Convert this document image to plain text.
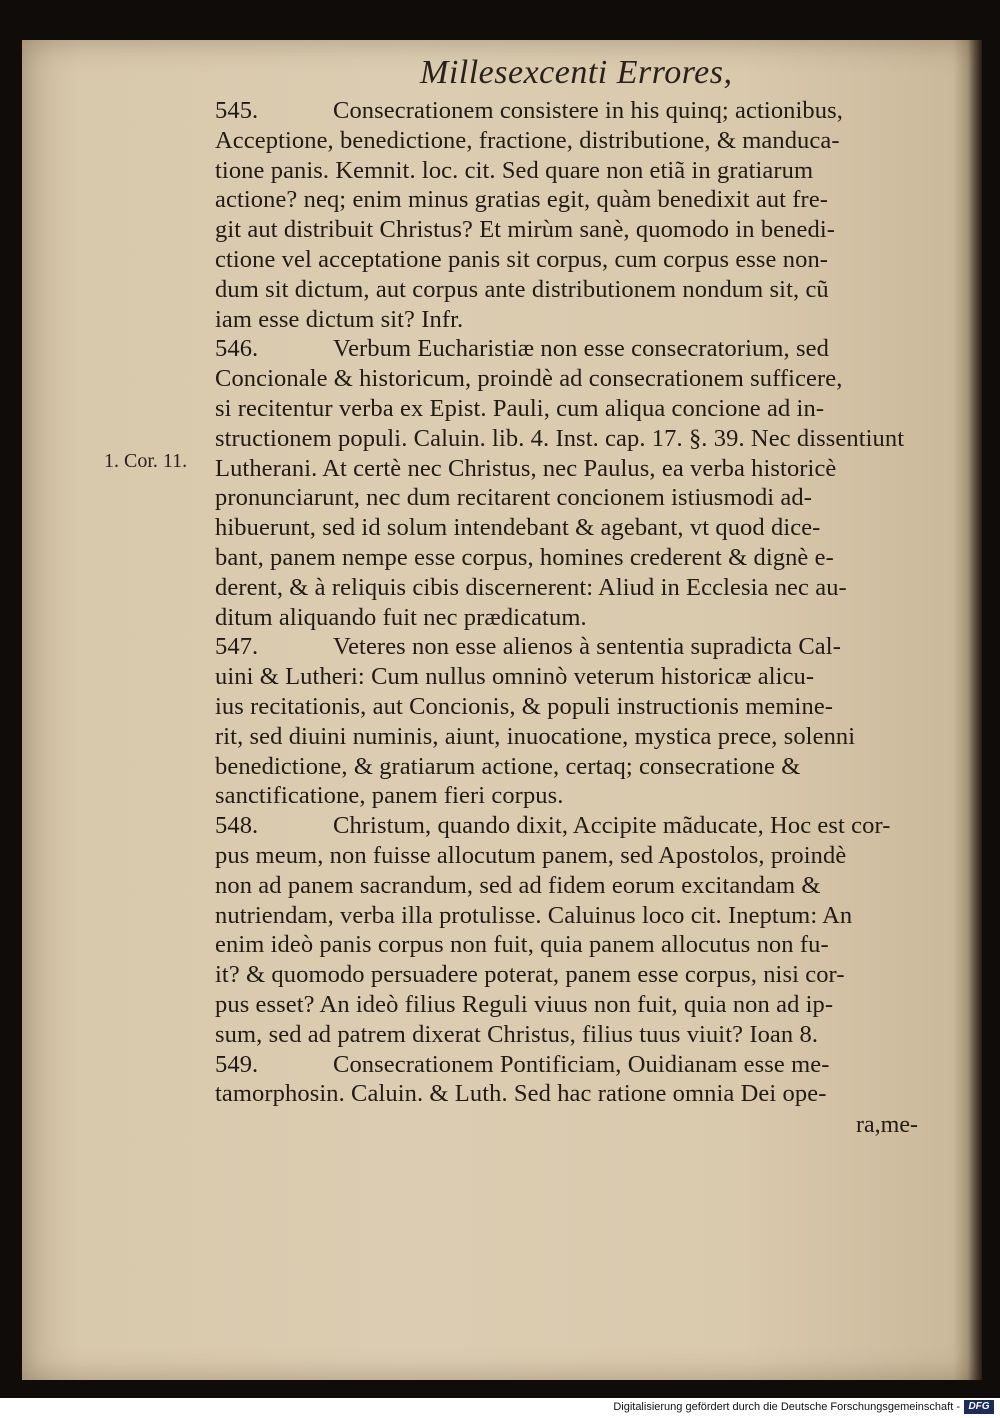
Millesexcenti Errores,
1. Cor. 11.
545.	Consecrationem consistere in his quinq; actionibus,
Acceptione, benedictione, fractione, distributione, & manduca-
tione panis. Kemnit. loc. cit. Sed quare non etiã in gratiarum
actione? neq; enim minus gratias egit, quàm benedixit aut fre-
git aut distribuit Christus? Et mirùm sanè, quomodo in benedi-
ctione vel acceptatione panis sit corpus, cum corpus esse non-
dum sit dictum, aut corpus ante distributionem nondum sit, cũ
iam esse dictum sit? Infr.
546.	Verbum Eucharistiæ non esse consecratorium, sed
Concionale & historicum, proindè ad consecrationem sufficere,
si recitentur verba ex Epist. Pauli, cum aliqua concione ad in-
structionem populi. Caluin. lib. 4. Inst. cap. 17. §. 39. Nec dissentiunt
Lutherani. At certè nec Christus, nec Paulus, ea verba historicè
pronunciarunt, nec dum recitarent concionem istiusmodi ad-
hibuerunt, sed id solum intendebant & agebant, vt quod dice-
bant, panem nempe esse corpus, homines crederent & dignè e-
derent, & à reliquis cibis discernerent: Aliud in Ecclesia nec au-
ditum aliquando fuit nec prædicatum.
547.	Veteres non esse alienos à sententia supradicta Cal-
uini & Lutheri: Cum nullus omninò veterum historicæ alicu-
ius recitationis, aut Concionis, & populi instructionis memine-
rit, sed diuini numinis, aiunt, inuocatione, mystica prece, solenni
benedictione, & gratiarum actione, certaq; consecratione &
sanctificatione, panem fieri corpus.
548.	Christum, quando dixit, Accipite mãducate, Hoc est cor-
pus meum, non fuisse allocutum panem, sed Apostolos, proindè
non ad panem sacrandum, sed ad fidem eorum excitandam &
nutriendam, verba illa protulisse. Caluinus loco cit. Ineptum: An
enim ideò panis corpus non fuit, quia panem allocutus non fu-
it? & quomodo persuadere poterat, panem esse corpus, nisi cor-
pus esset? An ideò filius Reguli viuus non fuit, quia non ad ip-
sum, sed ad patrem dixerat Christus, filius tuus viuit? Ioan 8.
549.	Consecrationem Pontificiam, Ouidianam esse me-
tamorphosin. Caluin. & Luth. Sed hac ratione omnia Dei ope-
ra,me-
Digitalisierung gefördert durch die Deutsche Forschungsgemeinschaft - DFG
